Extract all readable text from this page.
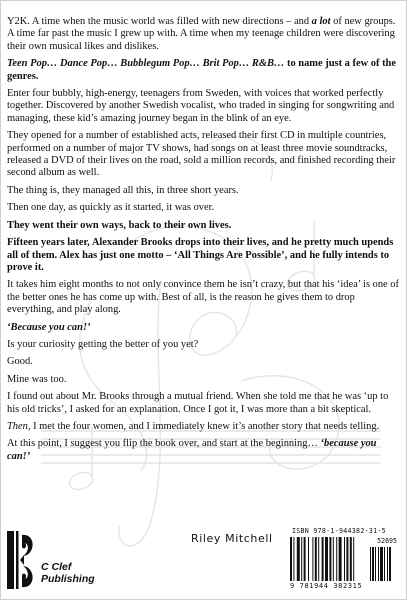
Y2K. A time when the music world was filled with new directions – and a lot of new groups. A time far past the music I grew up with. A time when my teenage children were discovering their own musical likes and dislikes.

Teen Pop… Dance Pop… Bubblegum Pop… Brit Pop… R&B… to name just a few of the genres.

Enter four bubbly, high-energy, teenagers from Sweden, with voices that worked perfectly together. Discovered by another Swedish vocalist, who traded in singing for songwriting and managing, these kid’s amazing journey began in the blink of an eye.

They opened for a number of established acts, released their first CD in multiple countries, performed on a number of major TV shows, had songs on at least three movie soundtracks, released a DVD of their lives on the road, sold a million records, and finished recording their second album as well.

The thing is, they managed all this, in three short years.

Then one day, as quickly as it started, it was over.

They went their own ways, back to their own lives.

Fifteen years later, Alexander Brooks drops into their lives, and he pretty much upends all of them. Alex has just one motto – ‘All Things Are Possible’, and he fully intends to prove it.

It takes him eight months to not only convince them he isn’t crazy, but that his ‘idea’ is one of the better ones he has come up with. Best of all, is the reason he gives them to drop everything, and play along.

‘Because you can!’

Is your curiosity getting the better of you yet?

Good.

Mine was too.

I found out about Mr. Brooks through a mutual friend. When she told me that he was ‘up to his old tricks’, I asked for an explanation. Once I got it, I was more than a bit skeptical.

Then, I met the four women, and I immediately knew it’s another story that needs telling.

At this point, I suggest you flip the book over, and start at the beginning… ‘because you can!’

C Clef
Publishing
Riley Mitchell
ISBN 978-1-944382-31-5
52695
9 781944 382315
